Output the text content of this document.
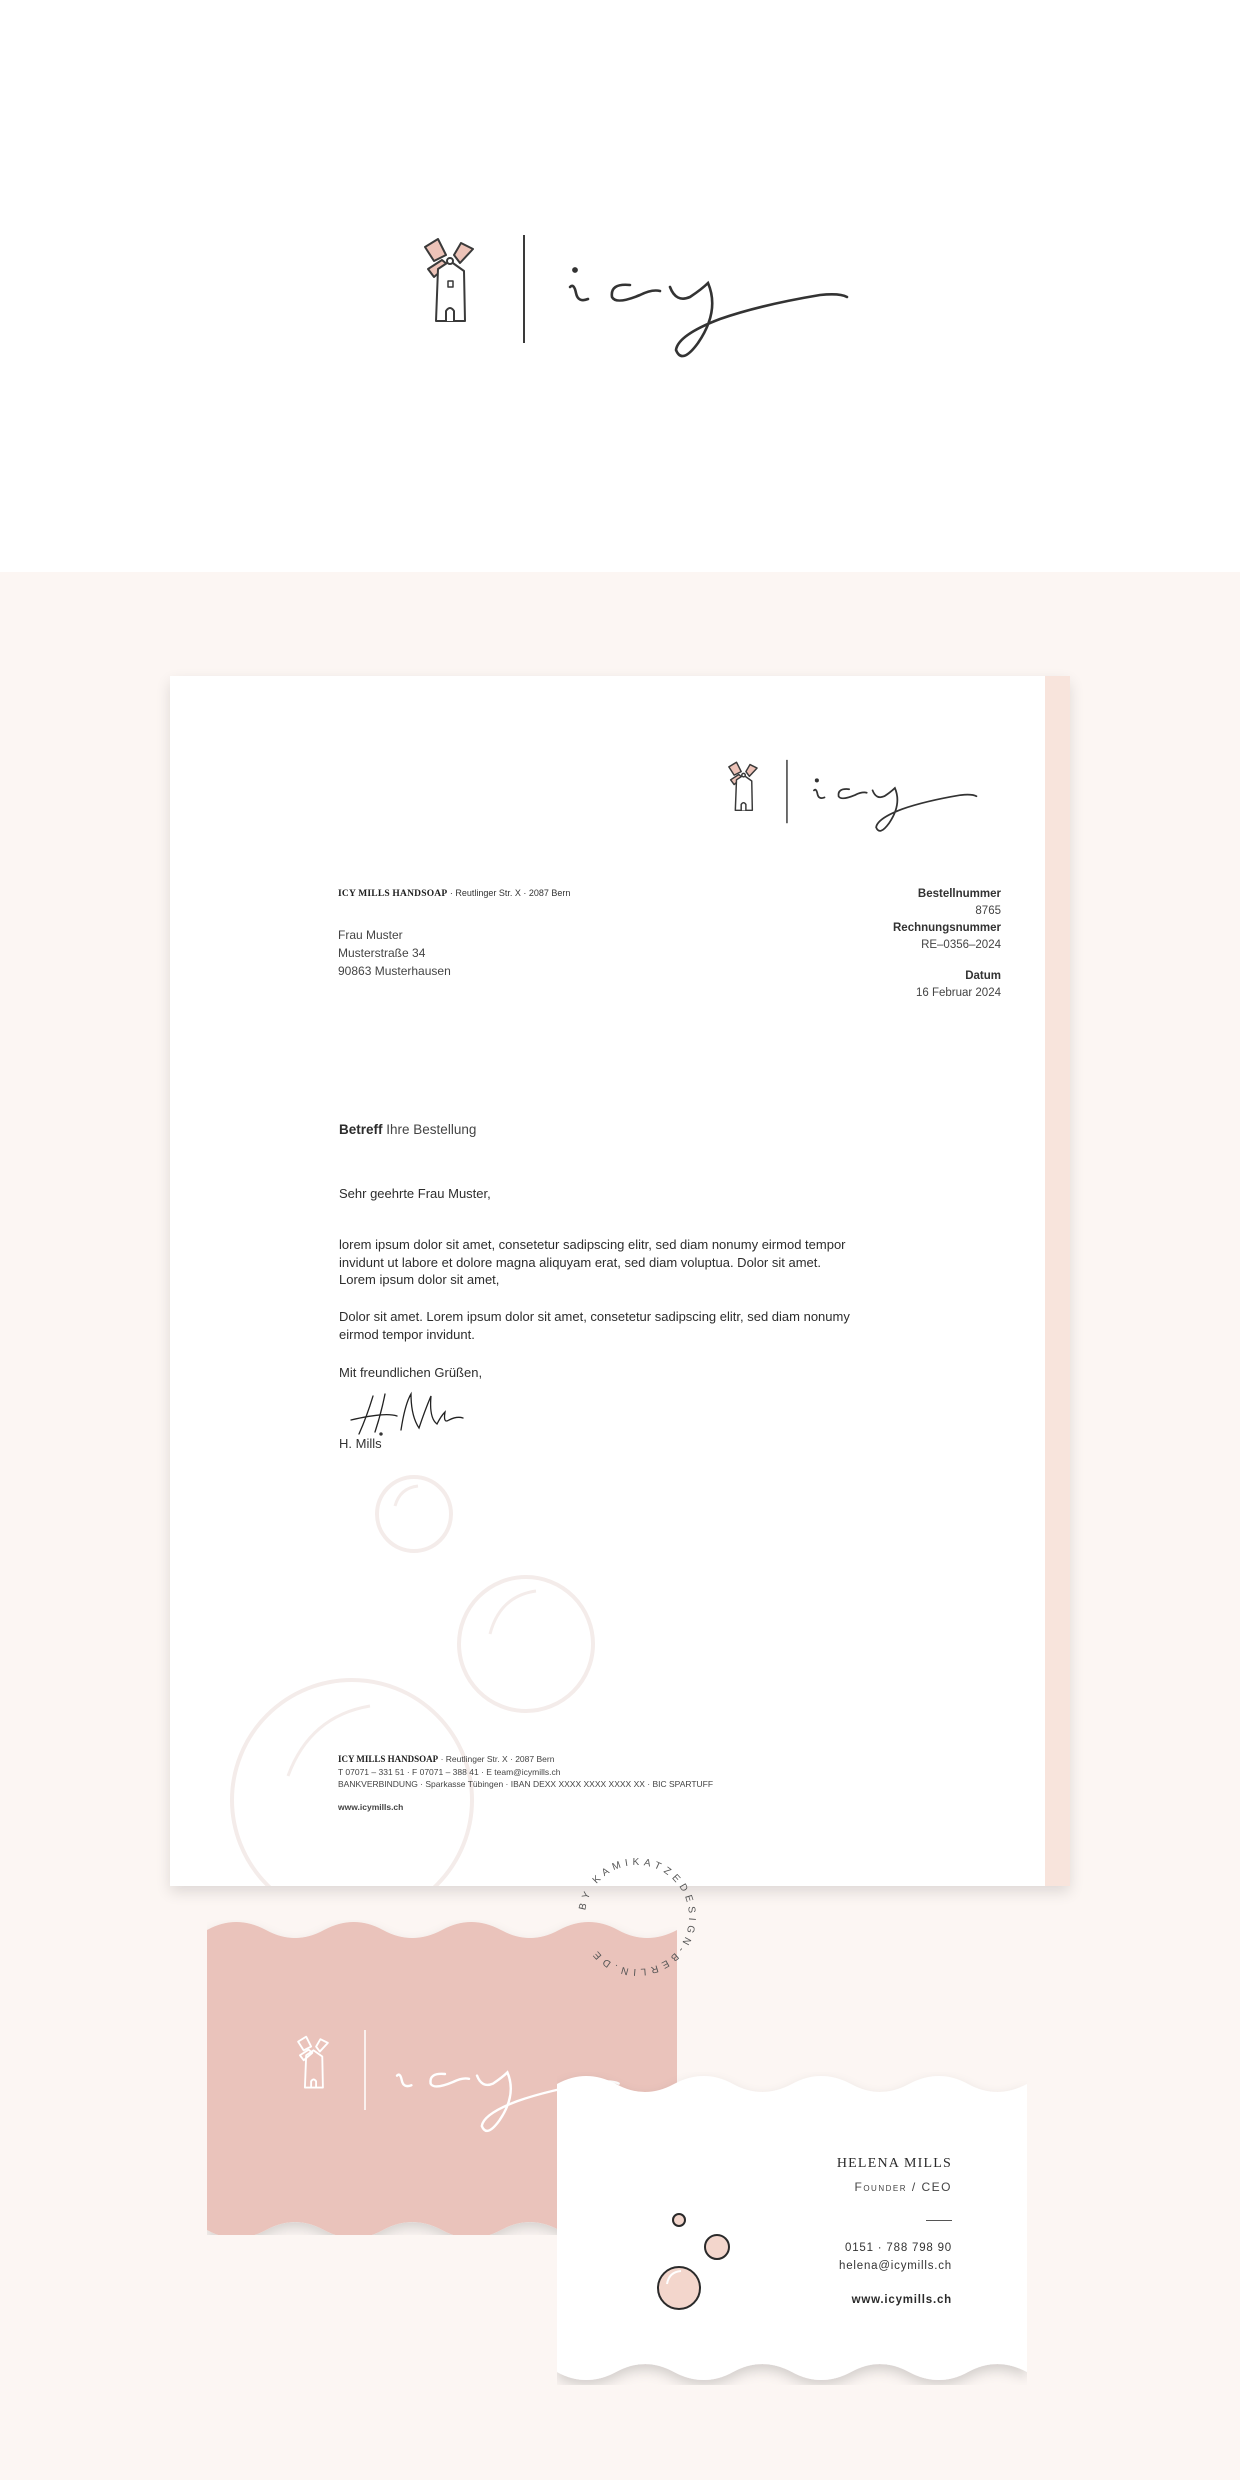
ICY MILLS HANDSOAP · Reutlinger Str. X · 2087 Bern
Frau Muster
Musterstraße 34
90863 Musterhausen
Bestellnummer
8765
Rechnungsnummer
RE–0356–2024
Datum
16 Februar 2024
Betreff Ihre Bestellung
Sehr geehrte Frau Muster,
lorem ipsum dolor sit amet, consetetur sadipscing elitr, sed diam nonumy eirmod tempor
invidunt ut labore et dolore magna aliquyam erat, sed diam voluptua. Dolor sit amet.
Lorem ipsum dolor sit amet,
Dolor sit amet. Lorem ipsum dolor sit amet, consetetur sadipscing elitr, sed diam nonumy
eirmod tempor invidunt.
Mit freundlichen Grüßen,
H. Mills
ICY MILLS HANDSOAP · Reutlinger Str. X · 2087 Bern
T 07071 – 331 51 · F 07071 – 388 41 · E team@icymills.ch
BANKVERBINDUNG · Sparkasse Tübingen · IBAN DEXX XXXX XXXX XXXX XX · BIC SPARTUFF
www.icymills.ch
BY KAMIKATZEDESIGN-BERLIN.DE
HELENA MILLS
Founder / CEO
0151 · 788 798 90
helena@icymills.ch
www.icymills.ch
